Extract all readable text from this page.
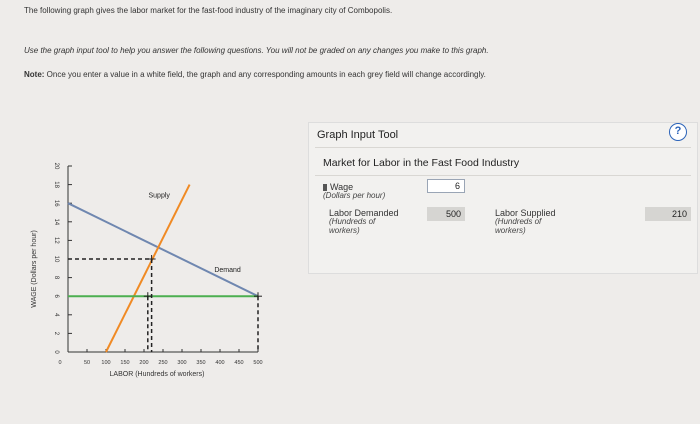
The following graph gives the labor market for the fast-food industry of the imaginary city of Combopolis.
Use the graph input tool to help you answer the following questions. You will not be graded on any changes you make to this graph.
Note: Once you enter a value in a white field, the graph and any corresponding amounts in each grey field will change accordingly.
0
2
4
6
8
10
12
14
16
18
20
0	50 100 150 200 250 300 350 400 450 500
LABOR (Hundreds of workers)
WAGE (Dollars per hour)
Supply
Demand
Graph Input Tool	?
Market for Labor in the Fast Food Industry
Wage
(Dollars per hour)
6
Labor Demanded
(Hundreds of
workers)
500	Labor Supplied
(Hundreds of
workers)
210
